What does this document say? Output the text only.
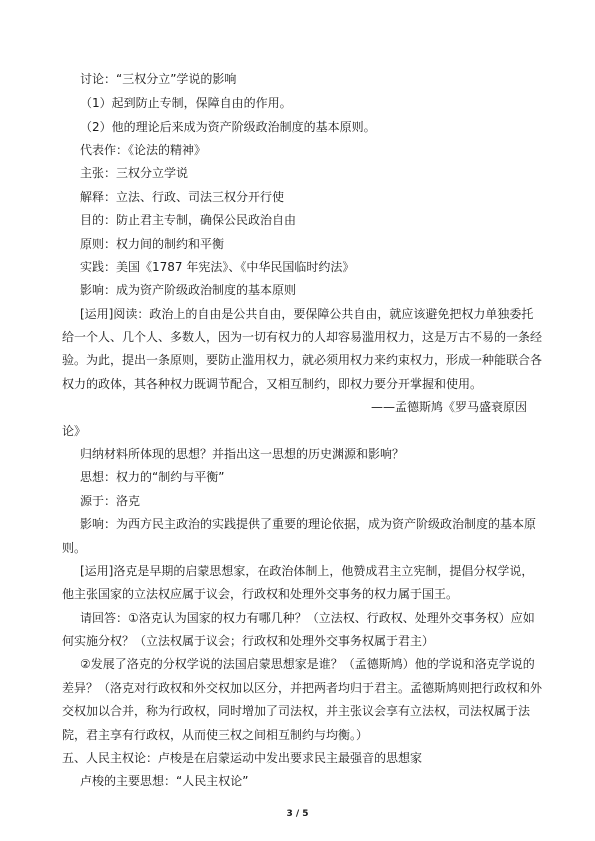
讨论：“三权分立”学说的影响
（1）起到防止专制，保障自由的作用。
（2）他的理论后来成为资产阶级政治制度的基本原则。
代表作：《论法的精神》
主张：三权分立学说
解释：立法、行政、司法三权分开行使
目的：防止君主专制，确保公民政治自由
原则：权力间的制约和平衡
实践：美国《1787 年宪法》、《中华民国临时约法》
影响：成为资产阶级政治制度的基本原则
[运用]阅读：政治上的自由是公共自由，要保障公共自由，就应该避免把权力单独委托
给一个人、几个人、多数人，因为一切有权力的人却容易滥用权力，这是万古不易的一条经
验。为此，提出一条原则，要防止滥用权力，就必须用权力来约束权力，形成一种能联合各
权力的政体，其各种权力既调节配合，又相互制约，即权力要分开掌握和使用。
——孟德斯鸠《罗马盛衰原因
论》
归纳材料所体现的思想？并指出这一思想的历史渊源和影响？
思想：权力的“制约与平衡”
源于：洛克
影响：为西方民主政治的实践提供了重要的理论依据，成为资产阶级政治制度的基本原
则。
[运用]洛克是早期的启蒙思想家，在政治体制上，他赞成君主立宪制，提倡分权学说，
他主张国家的立法权应属于议会，行政权和处理外交事务的权力属于国王。
请回答：①洛克认为国家的权力有哪几种？（立法权、行政权、处理外交事务权）应如
何实施分权？（立法权属于议会；行政权和处理外交事务权属于君主）
②发展了洛克的分权学说的法国启蒙思想家是谁？（孟德斯鸠）他的学说和洛克学说的
差异？（洛克对行政权和外交权加以区分，并把两者均归于君主。孟德斯鸠则把行政权和外
交权加以合并，称为行政权，同时增加了司法权，并主张议会享有立法权，司法权属于法
院，君主享有行政权，从而使三权之间相互制约与均衡。）
五、人民主权论：卢梭是在启蒙运动中发出要求民主最强音的思想家
卢梭的主要思想：“人民主权论”
3 / 5
